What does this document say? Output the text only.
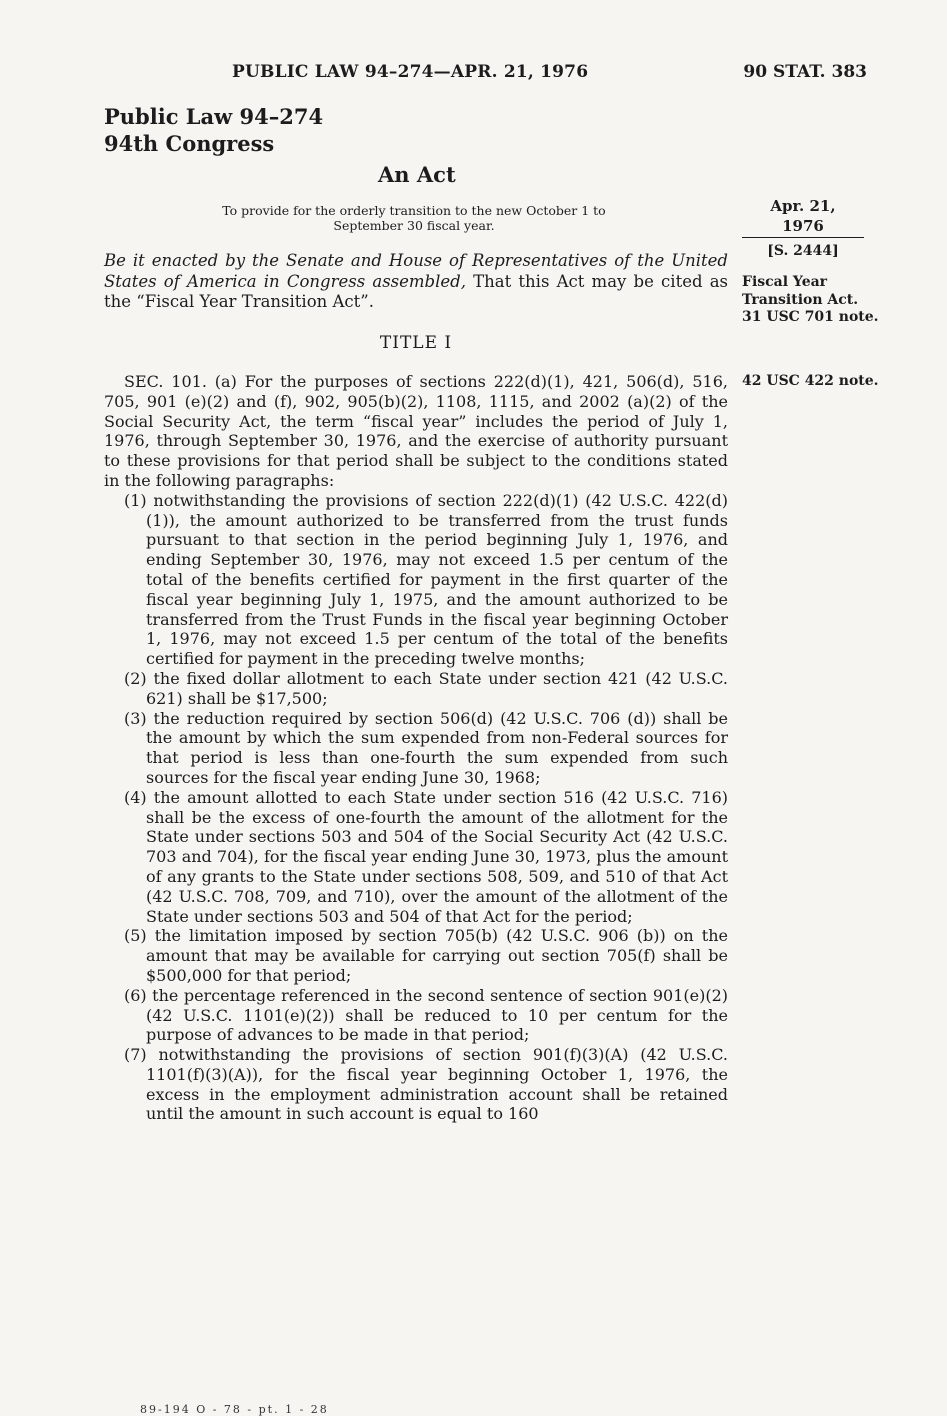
PUBLIC LAW 94–274—APR. 21, 1976	90 STAT. 383
Public Law 94–274
94th Congress
An Act
To provide for the orderly transition to the new October 1 to
September 30 fiscal year.
Apr. 21, 1976
[S. 2444]
Fiscal Year
Transition Act.
31 USC 701 note.
42 USC 422 note.
Be it enacted by the Senate and House of Representatives of the United States of America in Congress assembled, That this Act may be cited as the “Fiscal Year Transition Act”.
TITLE I

SEC. 101. (a) For the purposes of sections 222(d)(1), 421, 506(d), 516, 705, 901 (e)(2) and (f), 902, 905(b)(2), 1108, 1115, and 2002 (a)(2) of the Social Security Act, the term “fiscal year” includes the period of July 1, 1976, through September 30, 1976, and the exercise of authority pursuant to these provisions for that period shall be subject to the conditions stated in the following paragraphs:

(1) notwithstanding the provisions of section 222(d)(1) (42 U.S.C. 422(d)(1)), the amount authorized to be transferred from the trust funds pursuant to that section in the period beginning July 1, 1976, and ending September 30, 1976, may not exceed 1.5 per centum of the total of the benefits certified for payment in the first quarter of the fiscal year beginning July 1, 1975, and the amount authorized to be transferred from the Trust Funds in the fiscal year beginning October 1, 1976, may not exceed 1.5 per centum of the total of the benefits certified for payment in the preceding twelve months;

(2) the fixed dollar allotment to each State under section 421 (42 U.S.C. 621) shall be $17,500;

(3) the reduction required by section 506(d) (42 U.S.C. 706 (d)) shall be the amount by which the sum expended from non-Federal sources for that period is less than one-fourth the sum expended from such sources for the fiscal year ending June 30, 1968;

(4) the amount allotted to each State under section 516 (42 U.S.C. 716) shall be the excess of one-fourth the amount of the allotment for the State under sections 503 and 504 of the Social Security Act (42 U.S.C. 703 and 704), for the fiscal year ending June 30, 1973, plus the amount of any grants to the State under sections 508, 509, and 510 of that Act (42 U.S.C. 708, 709, and 710), over the amount of the allotment of the State under sections 503 and 504 of that Act for the period;

(5) the limitation imposed by section 705(b) (42 U.S.C. 906 (b)) on the amount that may be available for carrying out section 705(f) shall be $500,000 for that period;

(6) the percentage referenced in the second sentence of section 901(e)(2) (42 U.S.C. 1101(e)(2)) shall be reduced to 10 per centum for the purpose of advances to be made in that period;

(7) notwithstanding the provisions of section 901(f)(3)(A) (42 U.S.C. 1101(f)(3)(A)), for the fiscal year beginning October 1, 1976, the excess in the employment administration account shall be retained until the amount in such account is equal to 160

89-194 O - 78 - pt. 1 - 28
